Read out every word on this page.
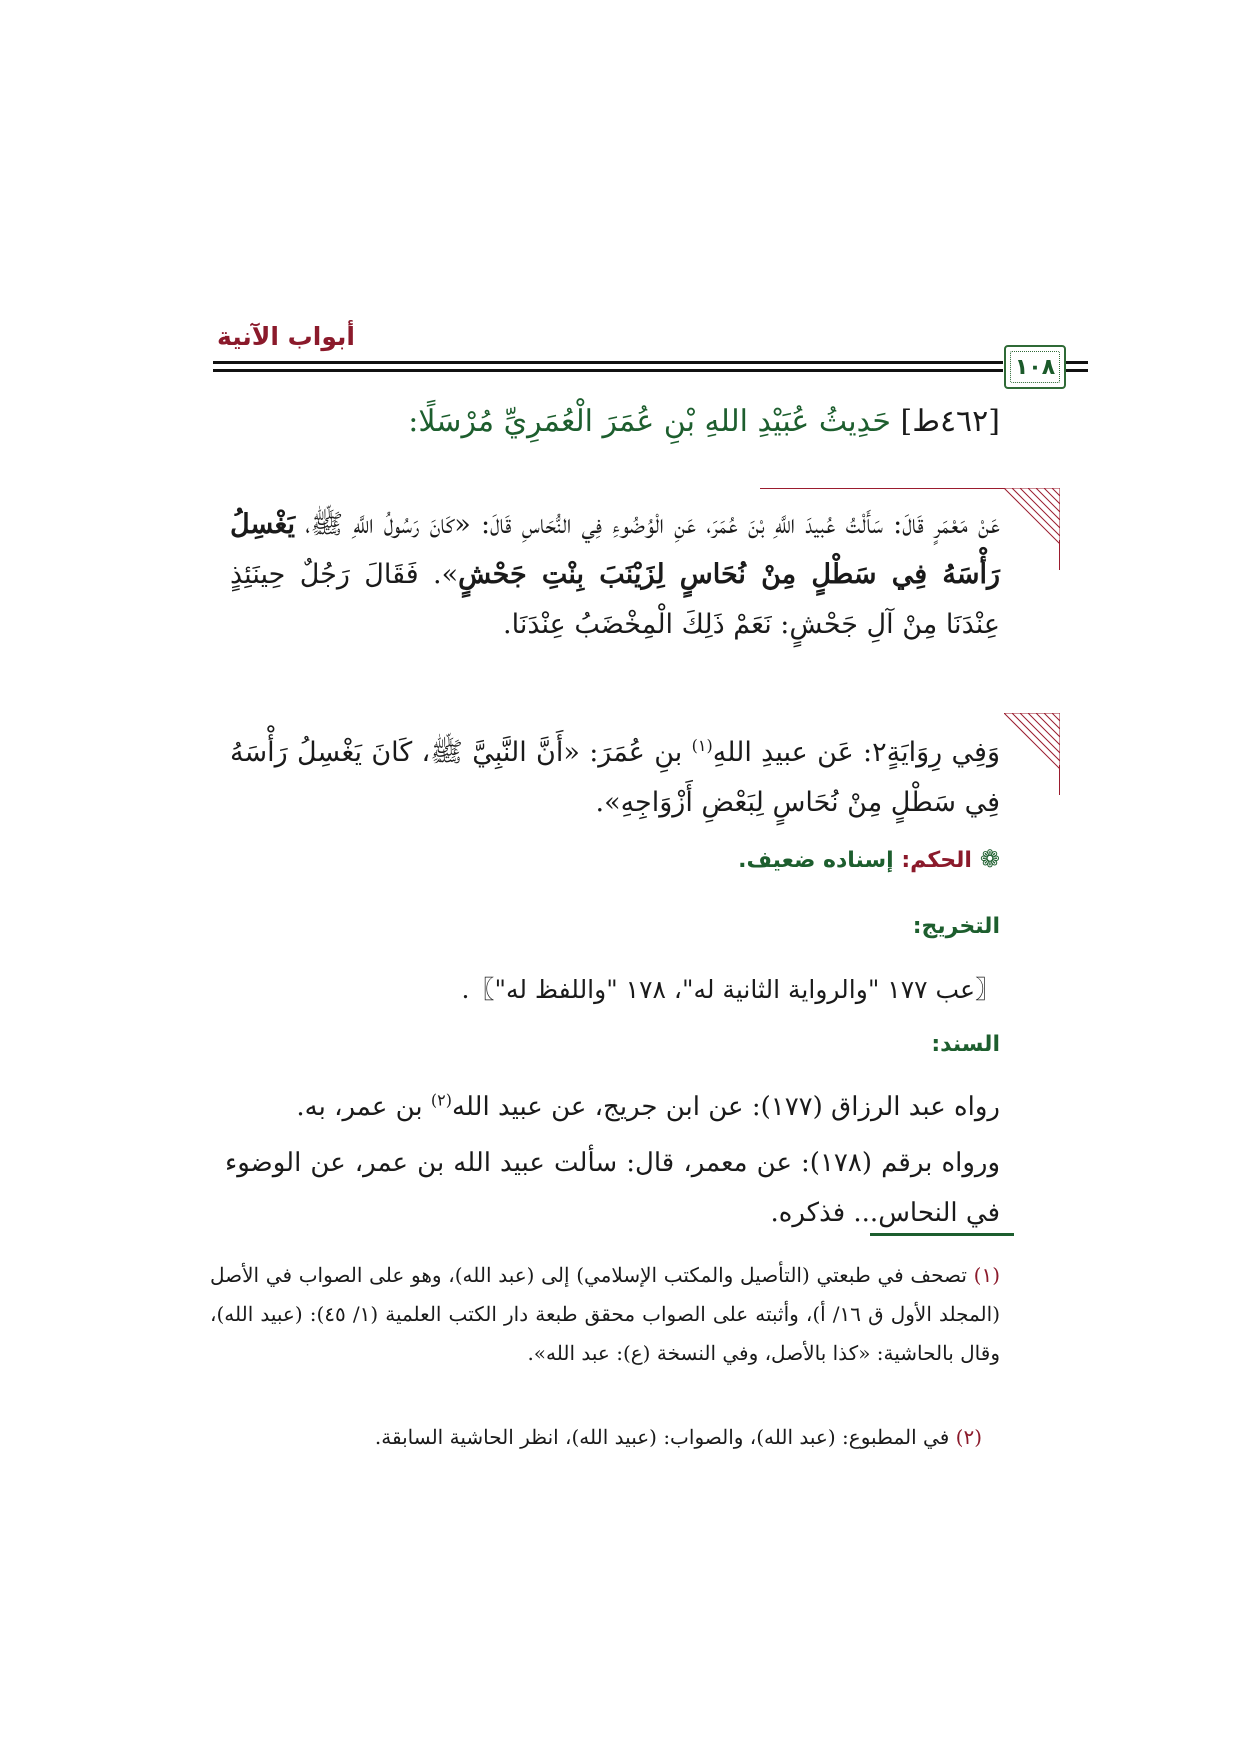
أبواب الآنية
١٠٨
[٤٦٢ط] حَدِيثُ عُبَيْدِ اللهِ بْنِ عُمَرَ الْعُمَرِيِّ مُرْسَلًا:
عَنْ مَعْمَرٍ قَالَ: سَأَلْتُ عُبيدَ اللَّهِ بْنَ عُمَرَ، عَنِ الْوُضُوءِ فِي النُّحَاسِ قَالَ: «كَانَ رَسُولُ اللَّهِ ﷺ، يَغْسِلُ رَأْسَهُ فِي سَطْلٍ مِنْ نُحَاسٍ لِزَيْنَبَ بِنْتِ جَحْشٍ». فَقَالَ رَجُلٌ حِينَئِذٍ عِنْدَنَا مِنْ آلِ جَحْشٍ: نَعَمْ ذَلِكَ الْمِخْضَبُ عِنْدَنَا.
وَفِي رِوَايَةٍ٢: عَن عبيدِ اللهِ$^{(١)}$ بنِ عُمَرَ: «أَنَّ النَّبِيَّ ﷺ، كَانَ يَغْسِلُ رَأْسَهُ فِي سَطْلٍ مِنْ نُحَاسٍ لِبَعْضِ أَزْوَاجِهِ».
❁الحكم: إسناده ضعيف.
التخريج:
〖عب ١٧٧ "والرواية الثانية له"، ١٧٨ "واللفظ له"〗.
السند:
رواه عبد الرزاق (١٧٧): عن ابن جريج، عن عبيد الله$^{(٢)}$ بن عمر، به.
ورواه برقم (١٧٨): عن معمر، قال: سألت عبيد الله بن عمر، عن الوضوء في النحاس... فذكره.
(١) تصحف في طبعتي (التأصيل والمكتب الإسلامي) إلى (عبد الله)، وهو على الصواب في الأصل (المجلد الأول ق ١٦/ أ)، وأثبته على الصواب محقق طبعة دار الكتب العلمية (١/ ٤٥): (عبيد الله)، وقال بالحاشية: «كذا بالأصل، وفي النسخة (ع): عبد الله».
(٢) في المطبوع: (عبد الله)، والصواب: (عبيد الله)، انظر الحاشية السابقة.
